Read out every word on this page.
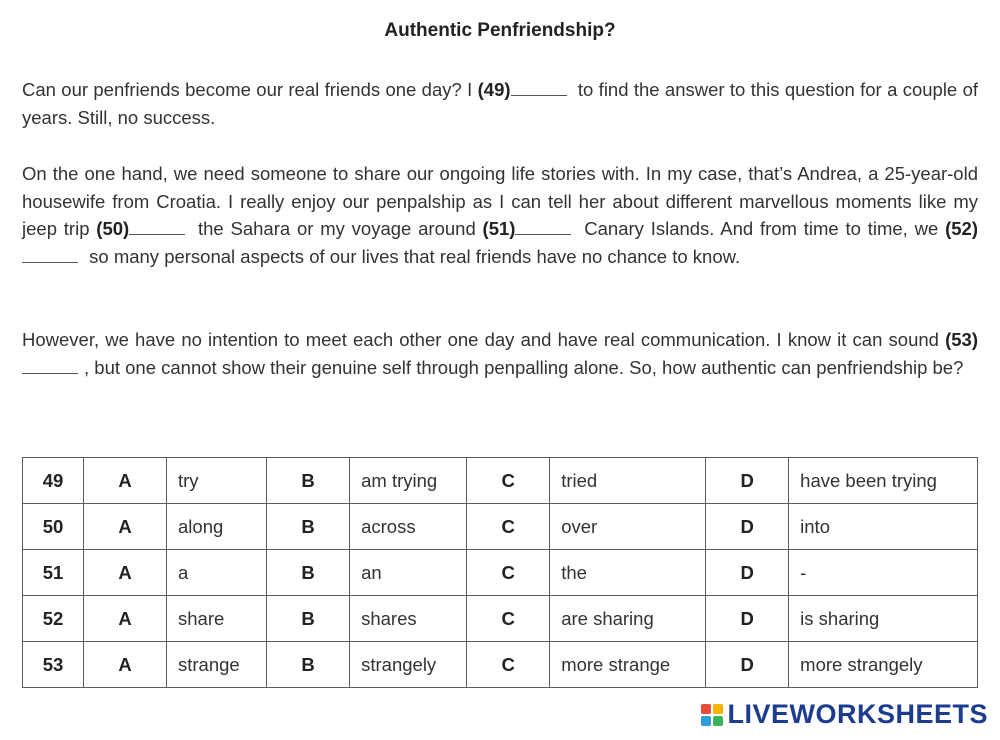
Authentic Penfriendship?
Can our penfriends become our real friends one day? I (49)	to find the answer to this question for a couple of years. Still, no success.
On the one hand, we need someone to share our ongoing life stories with. In my case, that’s Andrea, a 25-year-old housewife from Croatia. I really enjoy our penpalship as I can tell her about different marvellous moments like my jeep trip (50)	the Sahara or my voyage around (51)	Canary Islands. And from time to time, we (52) so many personal aspects of our lives that real friends have no chance to know.
However, we have no intention to meet each other one day and have real communication. I know it can sound (53), but one cannot show their genuine self through penpalling alone. So, how authentic can penfriendship be?
49	A	try	B	am trying	C	tried	D	have been trying
50	A	along	B	across	C	over	D	into
51	A	a	B	an	C	the	D	-
52	A	share	B	shares	C	are sharing	D	is sharing
53	A	strange	B	strangely	C	more strange	D	more strangely
LIVEWORKSHEETS
